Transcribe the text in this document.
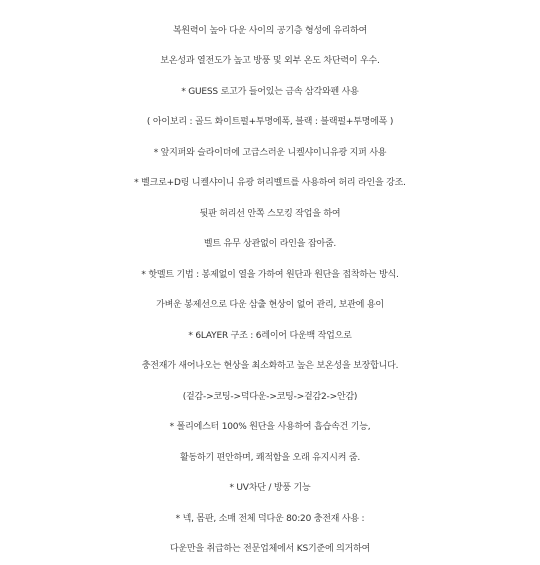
복원력이 높아 다운 사이의 공기층 형성에 유리하여
보온성과 열전도가 높고 방풍 및 외부 온도 차단력이 우수.
* GUESS 로고가 들어있는 금속 삼각와펜 사용
( 아이보리 : 골드 화이트펄+투명에폭, 블랙 : 블랙펄+투명에폭 )
* 앞지퍼와 슬라이더에 고급스러운 니켈샤이니유광 지퍼 사용
* 벨크로+D링 니켈샤이니 유광 허리벨트를 사용하여 허리 라인을 강조.
뒷판 허리선 안쪽 스모킹 작업을 하여
벨트 유무 상관없이 라인을 잡아줌.
* 핫멜트 기법 : 봉제없이 열을 가하여 원단과 원단을 접착하는 방식.
가벼운 봉제선으로 다운 삼출 현상이 없어 관리, 보관에 용이
* 6LAYER 구조 : 6레이어 다운백 작업으로
충전재가 새어나오는 현상을 최소화하고 높은 보온성을 보장합니다.
(겉감->코팅->덕다운->코팅->겉감2->안감)
* 폴리에스터 100% 원단을 사용하여 흡습속건 기능,
활동하기 편안하며, 쾌적함을 오래 유지시켜 줌.
* UV차단 / 방풍 기능
* 넥, 몸판, 소매 전체 덕다운 80:20 충전재 사용 :
다운만을 취급하는 전문업체에서 KS기준에 의거하여
